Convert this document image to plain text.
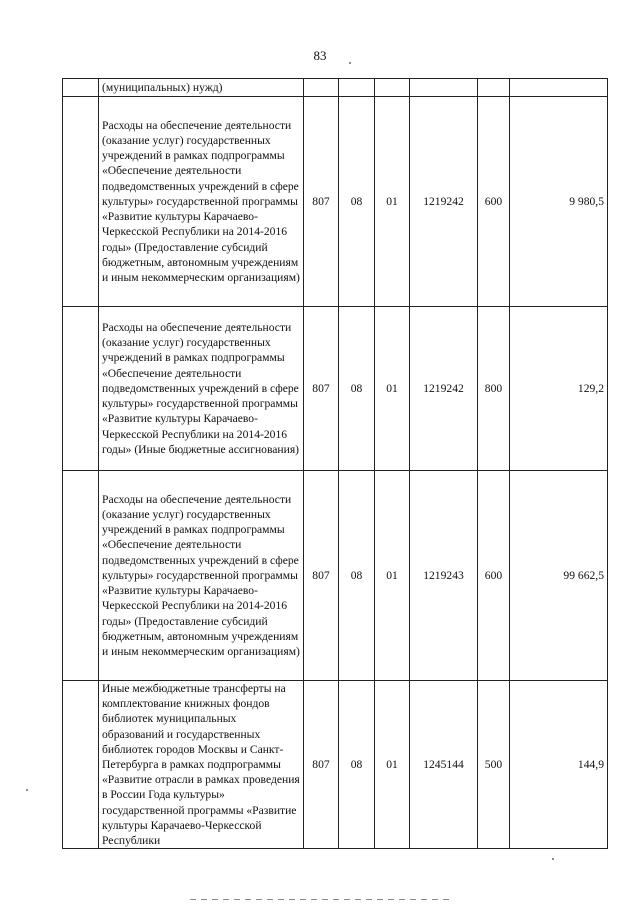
83
	(муниципальных) нужд)						
	Расходы на обеспечение деятельности (оказание услуг) государственных учреждений в рамках подпрограммы «Обеспечение деятельности подведомственных учреждений в сфере культуры» государственной программы «Развитие культуры Карачаево-Черкесской Республики на 2014-2016 годы» (Предоставление субсидий бюджетным, автономным учреждениям и иным некоммерческим организациям)	807	08	01	1219242	600	9 980,5
	Расходы на обеспечение деятельности (оказание услуг) государственных учреждений в рамках подпрограммы «Обеспечение деятельности подведомственных учреждений в сфере культуры» государственной программы «Развитие культуры Карачаево-Черкесской Республики на 2014-2016 годы» (Иные бюджетные ассигнования)	807	08	01	1219242	800	129,2
	Расходы на обеспечение деятельности (оказание услуг) государственных учреждений в рамках подпрограммы «Обеспечение деятельности подведомственных учреждений в сфере культуры» государственной программы «Развитие культуры Карачаево-Черкесской Республики на 2014-2016 годы» (Предоставление субсидий бюджетным, автономным учреждениям и иным некоммерческим организациям)	807	08	01	1219243	600	99 662,5
	Иные межбюджетные трансферты на комплектование книжных фондов библиотек муниципальных образований и государственных библиотек городов Москвы и Санкт-Петербурга в рамках подпрограммы «Развитие отрасли в рамках проведения в России Года культуры» государственной программы «Развитие культуры Карачаево-Черкесской Республики	807	08	01	1245144	500	144,9
